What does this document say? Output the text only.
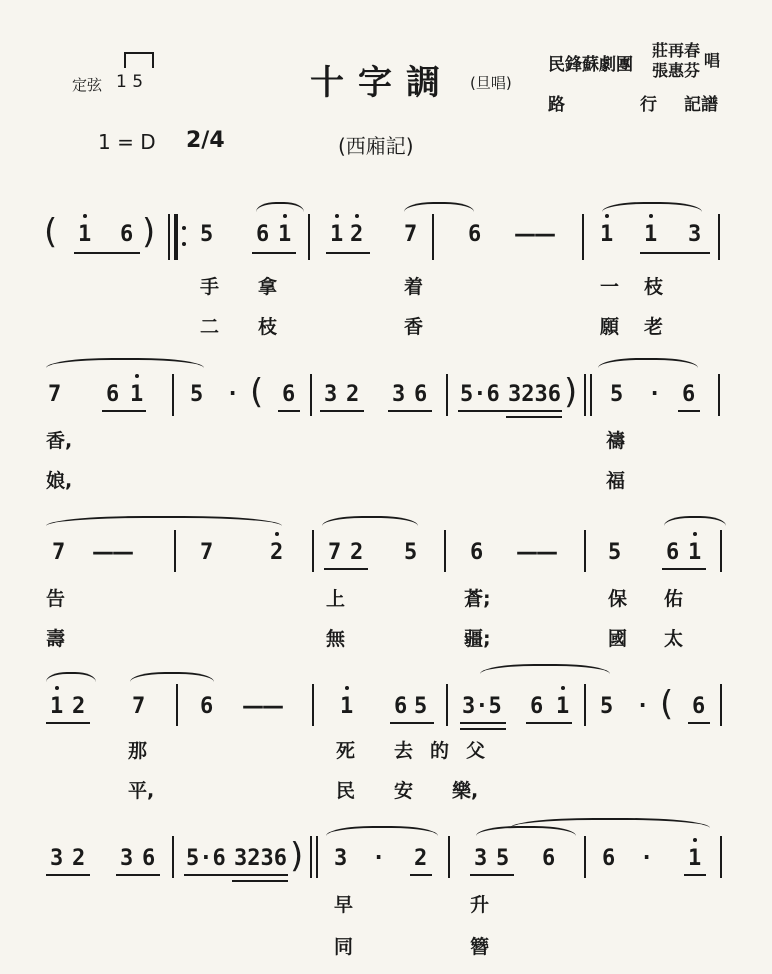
定弦 1 5	十字調 (旦唱)
民鋒蘇劇團
莊再春
張惠芬
唱
路	行 記譜
1 = D 2/4	(西廂記)
( 1 6 ) 5 6 1 1 2 7 6 —— 1 1 3
手 拿	着	一 枝
二 枝	香	願 老
7 6 1 5 · ( 6 3 2 3 6 5·6 3236 ) 5 · 6
香,	禱
娘,	福
7 ——	7	2 7 2 5 6 —— 5 6 1
告	上	蒼;	保 佑
壽	無	疆;	國 太
1 2 7 6 ——	1 6 5 3·5 6 1 5 · ( 6
那	死 去 的 父
平,	民 安 樂,
3 2 3 6 5·6 3236 ) 3 · 2 3 5 6 6 · 1
早	升
同	簪
